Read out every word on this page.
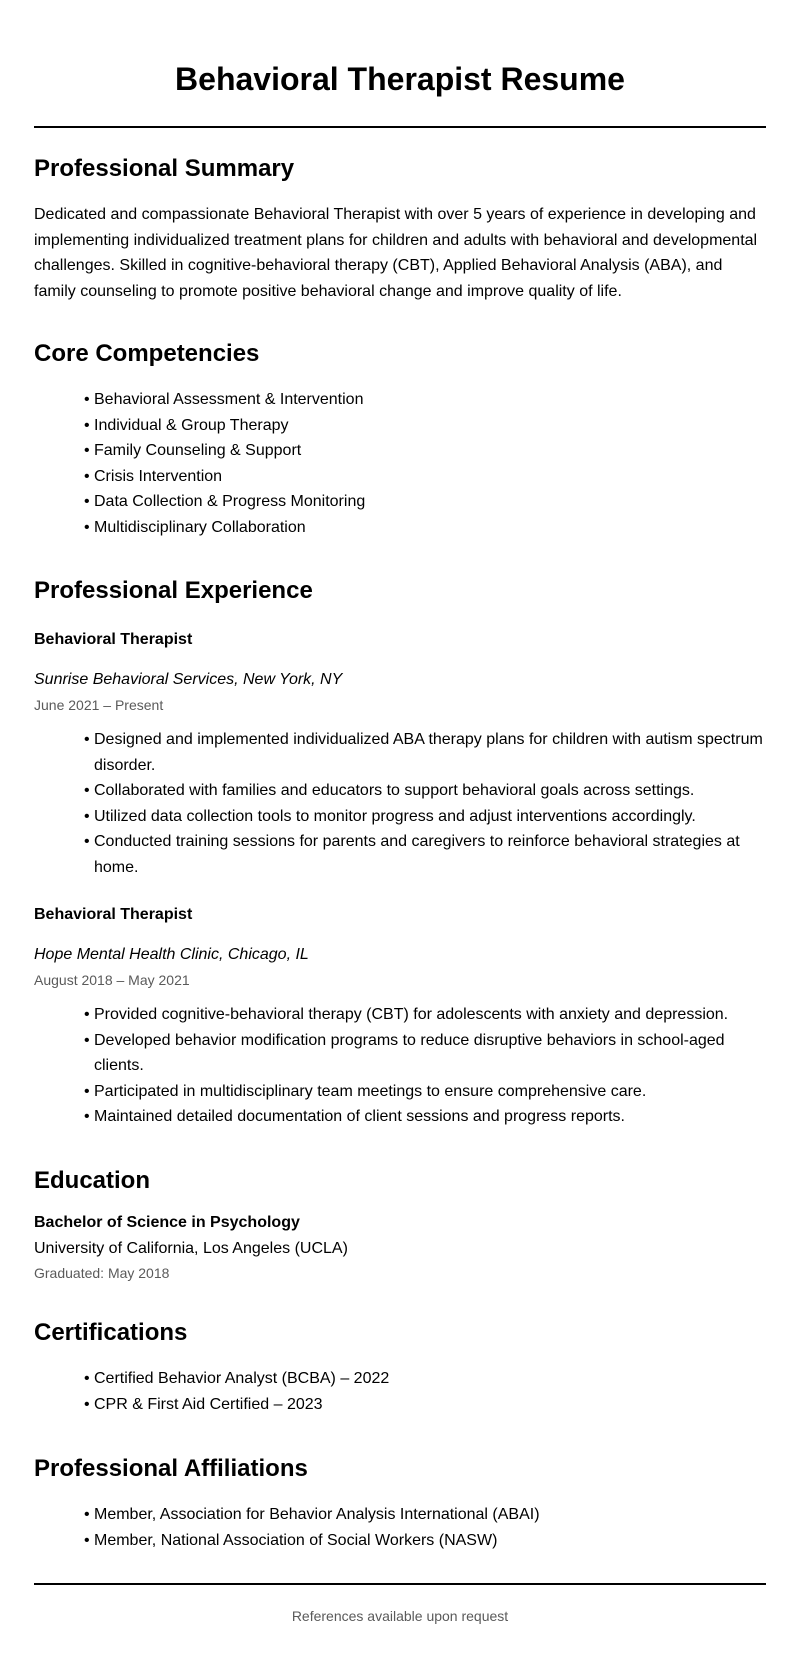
Behavioral Therapist Resume
Professional Summary

Dedicated and compassionate Behavioral Therapist with over 5 years of experience in developing and implementing individualized treatment plans for children and adults with behavioral and developmental challenges. Skilled in cognitive-behavioral therapy (CBT), Applied Behavioral Analysis (ABA), and family counseling to promote positive behavioral change and improve quality of life.

Core Competencies
• Behavioral Assessment & Intervention
• Individual & Group Therapy
• Family Counseling & Support
• Crisis Intervention
• Data Collection & Progress Monitoring
• Multidisciplinary Collaboration
Professional Experience
Behavioral Therapist

Sunrise Behavioral Services, New York, NY

June 2021 – Present

• Designed and implemented individualized ABA therapy plans for children with autism spectrum disorder.
• Collaborated with families and educators to support behavioral goals across settings.
• Utilized data collection tools to monitor progress and adjust interventions accordingly.
• Conducted training sessions for parents and caregivers to reinforce behavioral strategies at home.
Behavioral Therapist

Hope Mental Health Clinic, Chicago, IL

August 2018 – May 2021

• Provided cognitive-behavioral therapy (CBT) for adolescents with anxiety and depression.
• Developed behavior modification programs to reduce disruptive behaviors in school-aged clients.
• Participated in multidisciplinary team meetings to ensure comprehensive care.
• Maintained detailed documentation of client sessions and progress reports.
Education

Bachelor of Science in Psychology

University of California, Los Angeles (UCLA)

Graduated: May 2018

Certifications
• Certified Behavior Analyst (BCBA) – 2022
• CPR & First Aid Certified – 2023
Professional Affiliations
• Member, Association for Behavior Analysis International (ABAI)
• Member, National Association of Social Workers (NASW)

References available upon request
